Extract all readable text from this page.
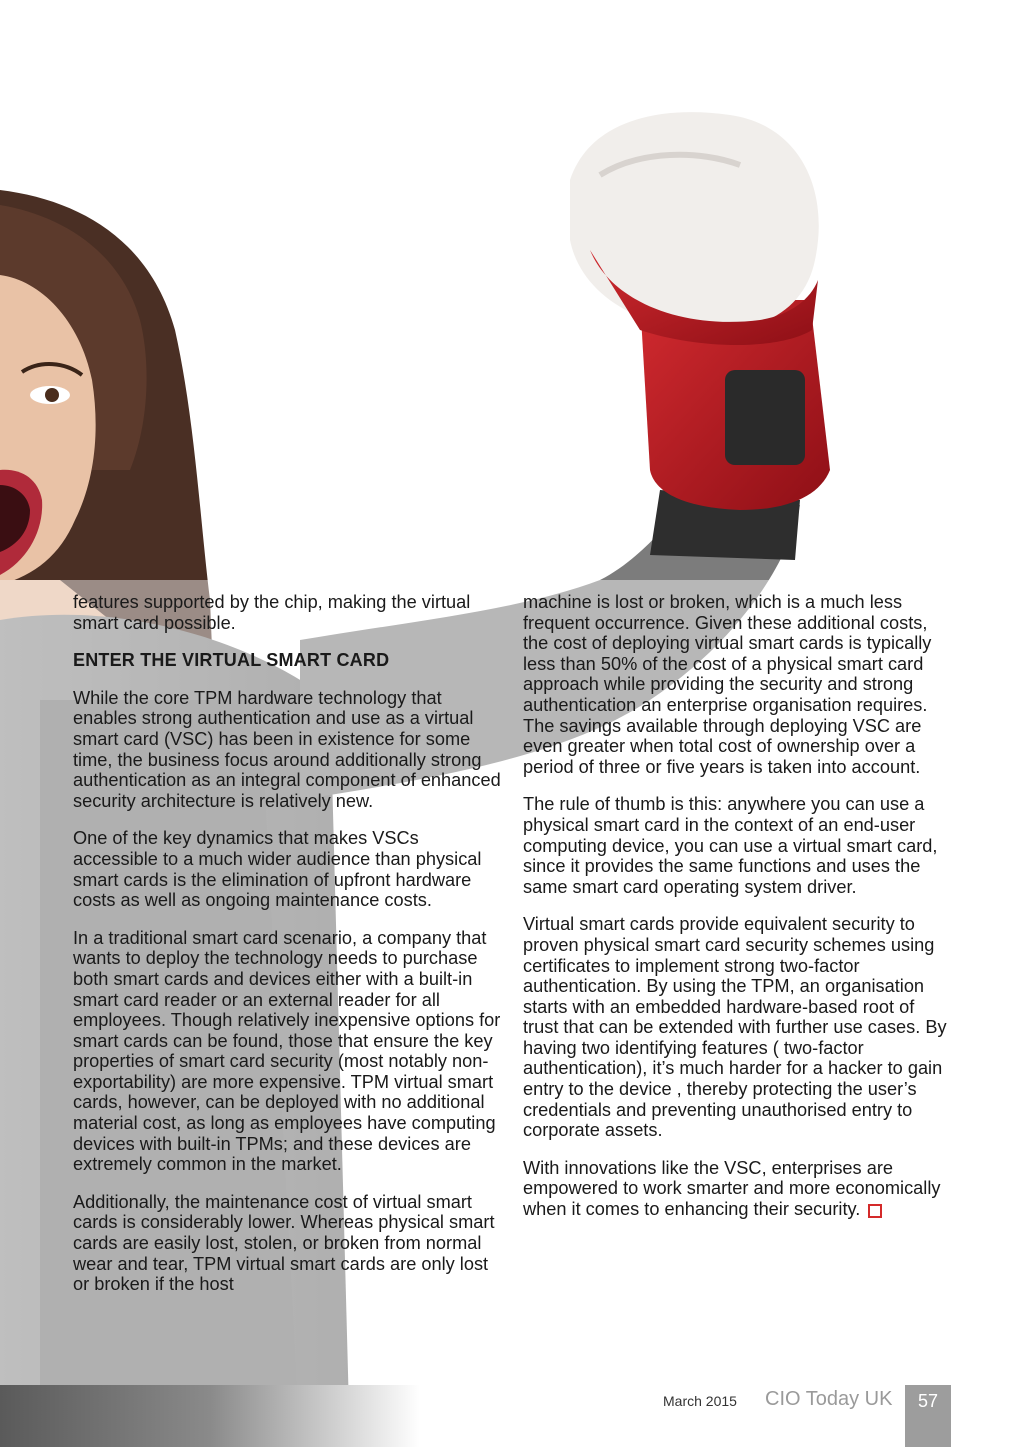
features supported by the chip, making the virtual smart card possible.

ENTER THE VIRTUAL SMART CARD

While the core TPM hardware technology that enables strong authentication and use as a virtual smart card (VSC) has been in existence for some time, the business focus around additionally strong authentication as an integral component of enhanced security architecture is relatively new.

One of the key dynamics that makes VSCs accessible to a much wider audience than physical smart cards is the elimination of upfront hardware costs as well as ongoing maintenance costs.

In a traditional smart card scenario, a company that wants to deploy the technology needs to purchase both smart cards and devices either with a built-in smart card reader or an external reader for all employees. Though relatively inexpensive options for smart cards can be found, those that ensure the key properties of smart card security (most notably non-exportability) are more expensive. TPM virtual smart cards, however, can be deployed with no additional material cost, as long as employees have computing devices with built-in TPMs; and these devices are extremely common in the market.

Additionally, the maintenance cost of virtual smart cards is considerably lower. Whereas physical smart cards are easily lost, stolen, or broken from normal wear and tear, TPM virtual smart cards are only lost or broken if the host

machine is lost or broken, which is a much less frequent occurrence. Given these additional costs, the cost of deploying virtual smart cards is typically less than 50% of the cost of a physical smart card approach while providing the security and strong authentication an enterprise organisation requires. The savings available through deploying VSC are even greater when total cost of ownership over a period of three or five years is taken into account.

The rule of thumb is this: anywhere you can use a physical smart card in the context of an end-user computing device, you can use a virtual smart card, since it provides the same functions and uses the same smart card operating system driver.

Virtual smart cards provide equivalent security to proven physical smart card security schemes using certificates to implement strong two-factor authentication. By using the TPM, an organisation starts with an embedded hardware-based root of trust that can be extended with further use cases. By having two identifying features ( two-factor authentication), it’s much harder for a hacker to gain entry to the device , thereby protecting the user’s credentials and preventing unauthorised entry to corporate assets.

With innovations like the VSC, enterprises are empowered to work smarter and more economically when it comes to enhancing their security.

March 2015 CIO Today UK	57
